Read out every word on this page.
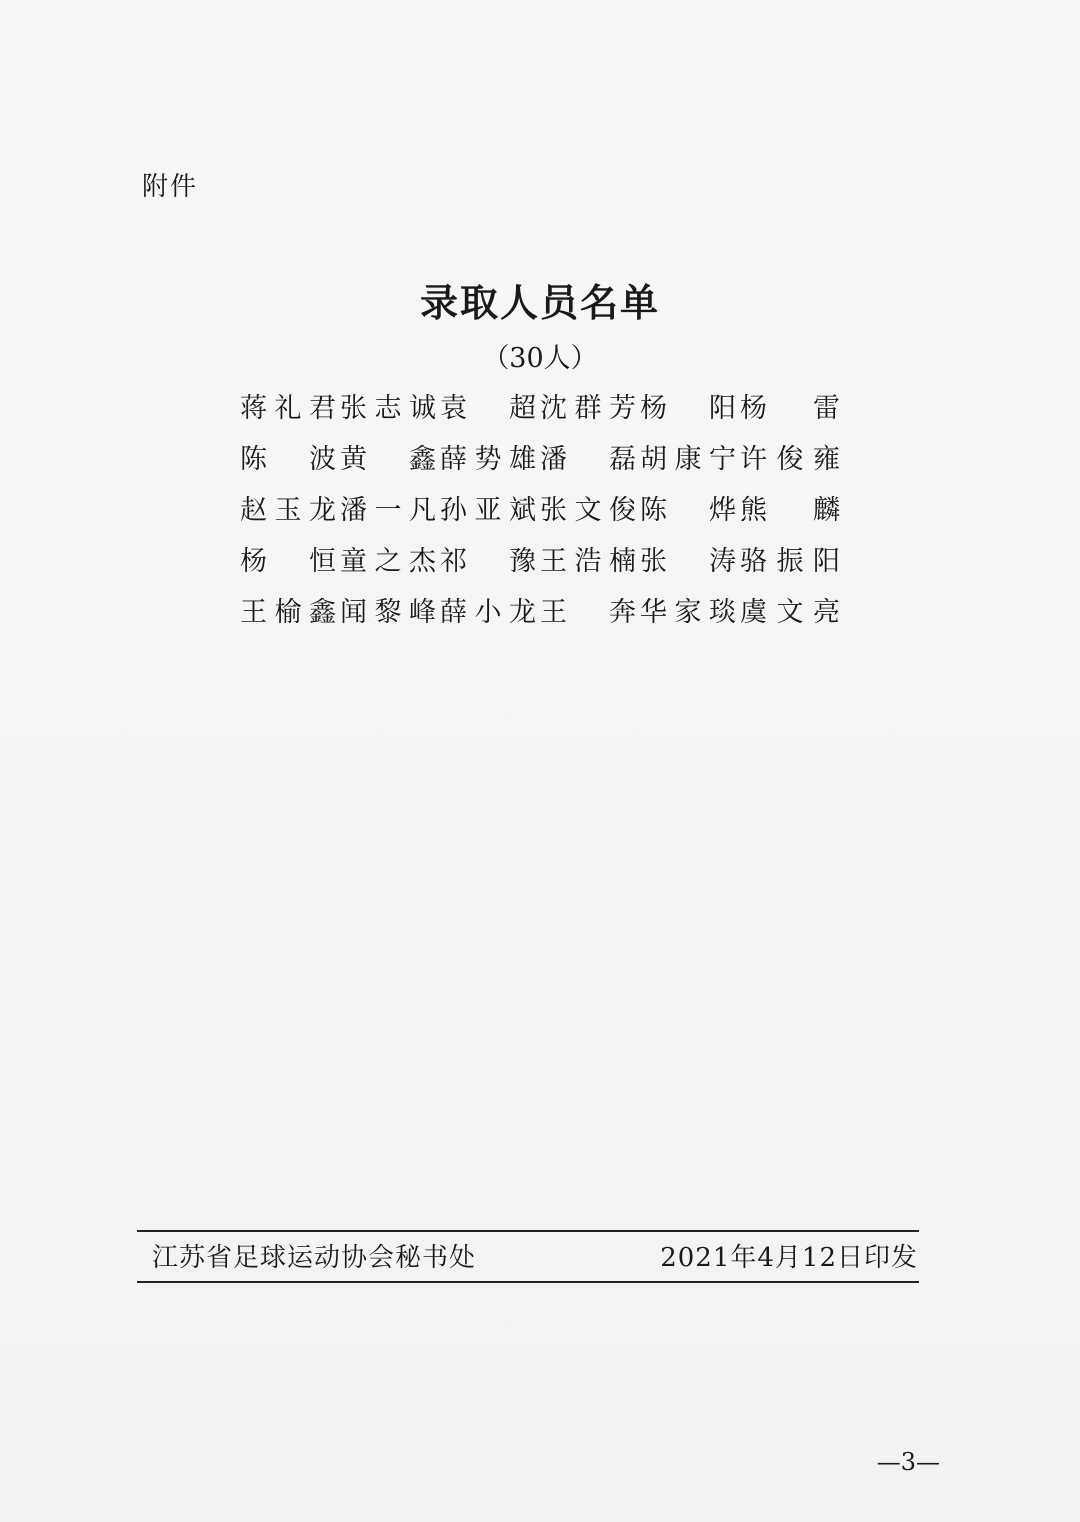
附件
录取人员名单
（30人）
蒋 礼 君 张 志 诚 袁 超 沈 群 芳 杨 阳 杨 雷
陈 波 黄 鑫 薛 势 雄 潘 磊 胡 康 宁 许 俊 雍
赵 玉 龙 潘 一 凡 孙 亚 斌 张 文 俊 陈 烨 熊 麟
杨 恒 童 之 杰 祁 豫 王 浩 楠 张 涛 骆 振 阳
王 榆 鑫 闻 黎 峰 薛 小 龙 王 奔 华 家 琰 虞 文 亮
江苏省足球运动协会秘书处	2021年4月12日印发
—3—
